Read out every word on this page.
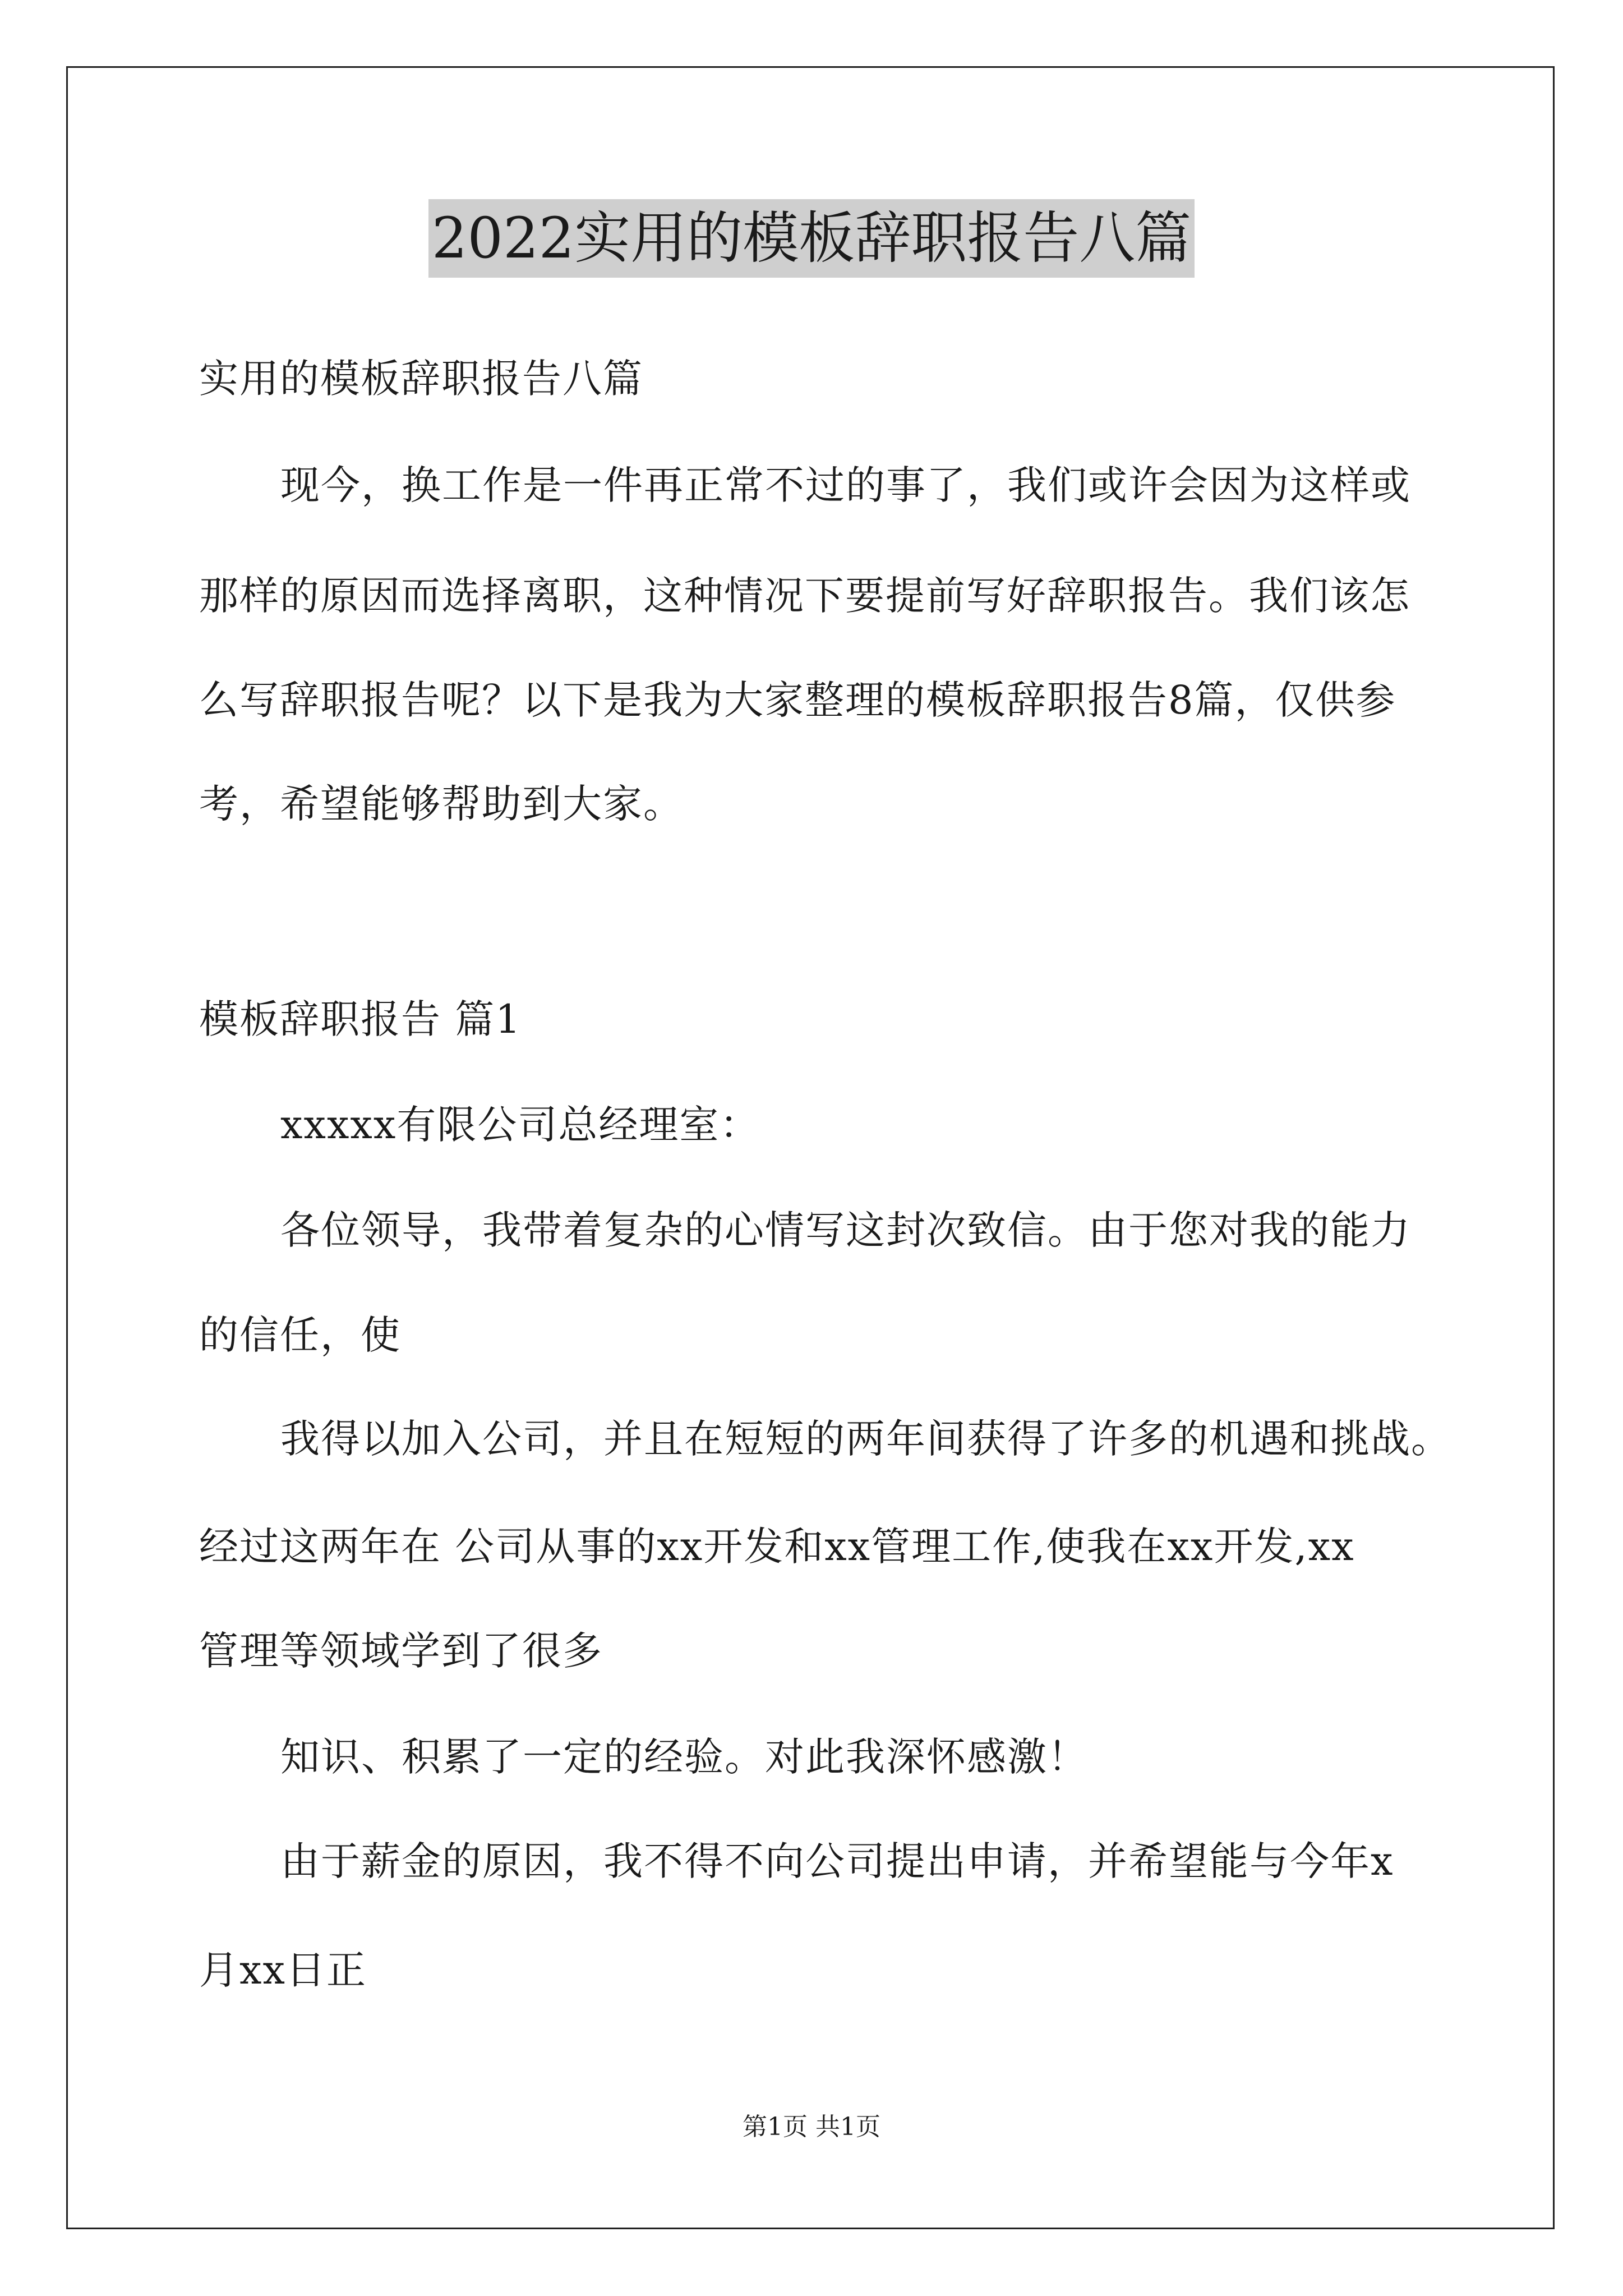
2022实用的模板辞职报告八篇
实用的模板辞职报告八篇
现今，换工作是一件再正常不过的事了，我们或许会因为这样或
那样的原因而选择离职，这种情况下要提前写好辞职报告。我们该怎
么写辞职报告呢？以下是我为大家整理的模板辞职报告8篇，仅供参
考，希望能够帮助到大家。
模板辞职报告 篇1
xxxxx有限公司总经理室：
各位领导，我带着复杂的心情写这封次致信。由于您对我的能力
的信任，使
我得以加入公司，并且在短短的两年间获得了许多的机遇和挑战。
经过这两年在 公司从事的xx开发和xx管理工作,使我在xx开发,xx
管理等领域学到了很多
知识、积累了一定的经验。对此我深怀感激！
由于薪金的原因，我不得不向公司提出申请，并希望能与今年x
月xx日正
第1页 共1页
